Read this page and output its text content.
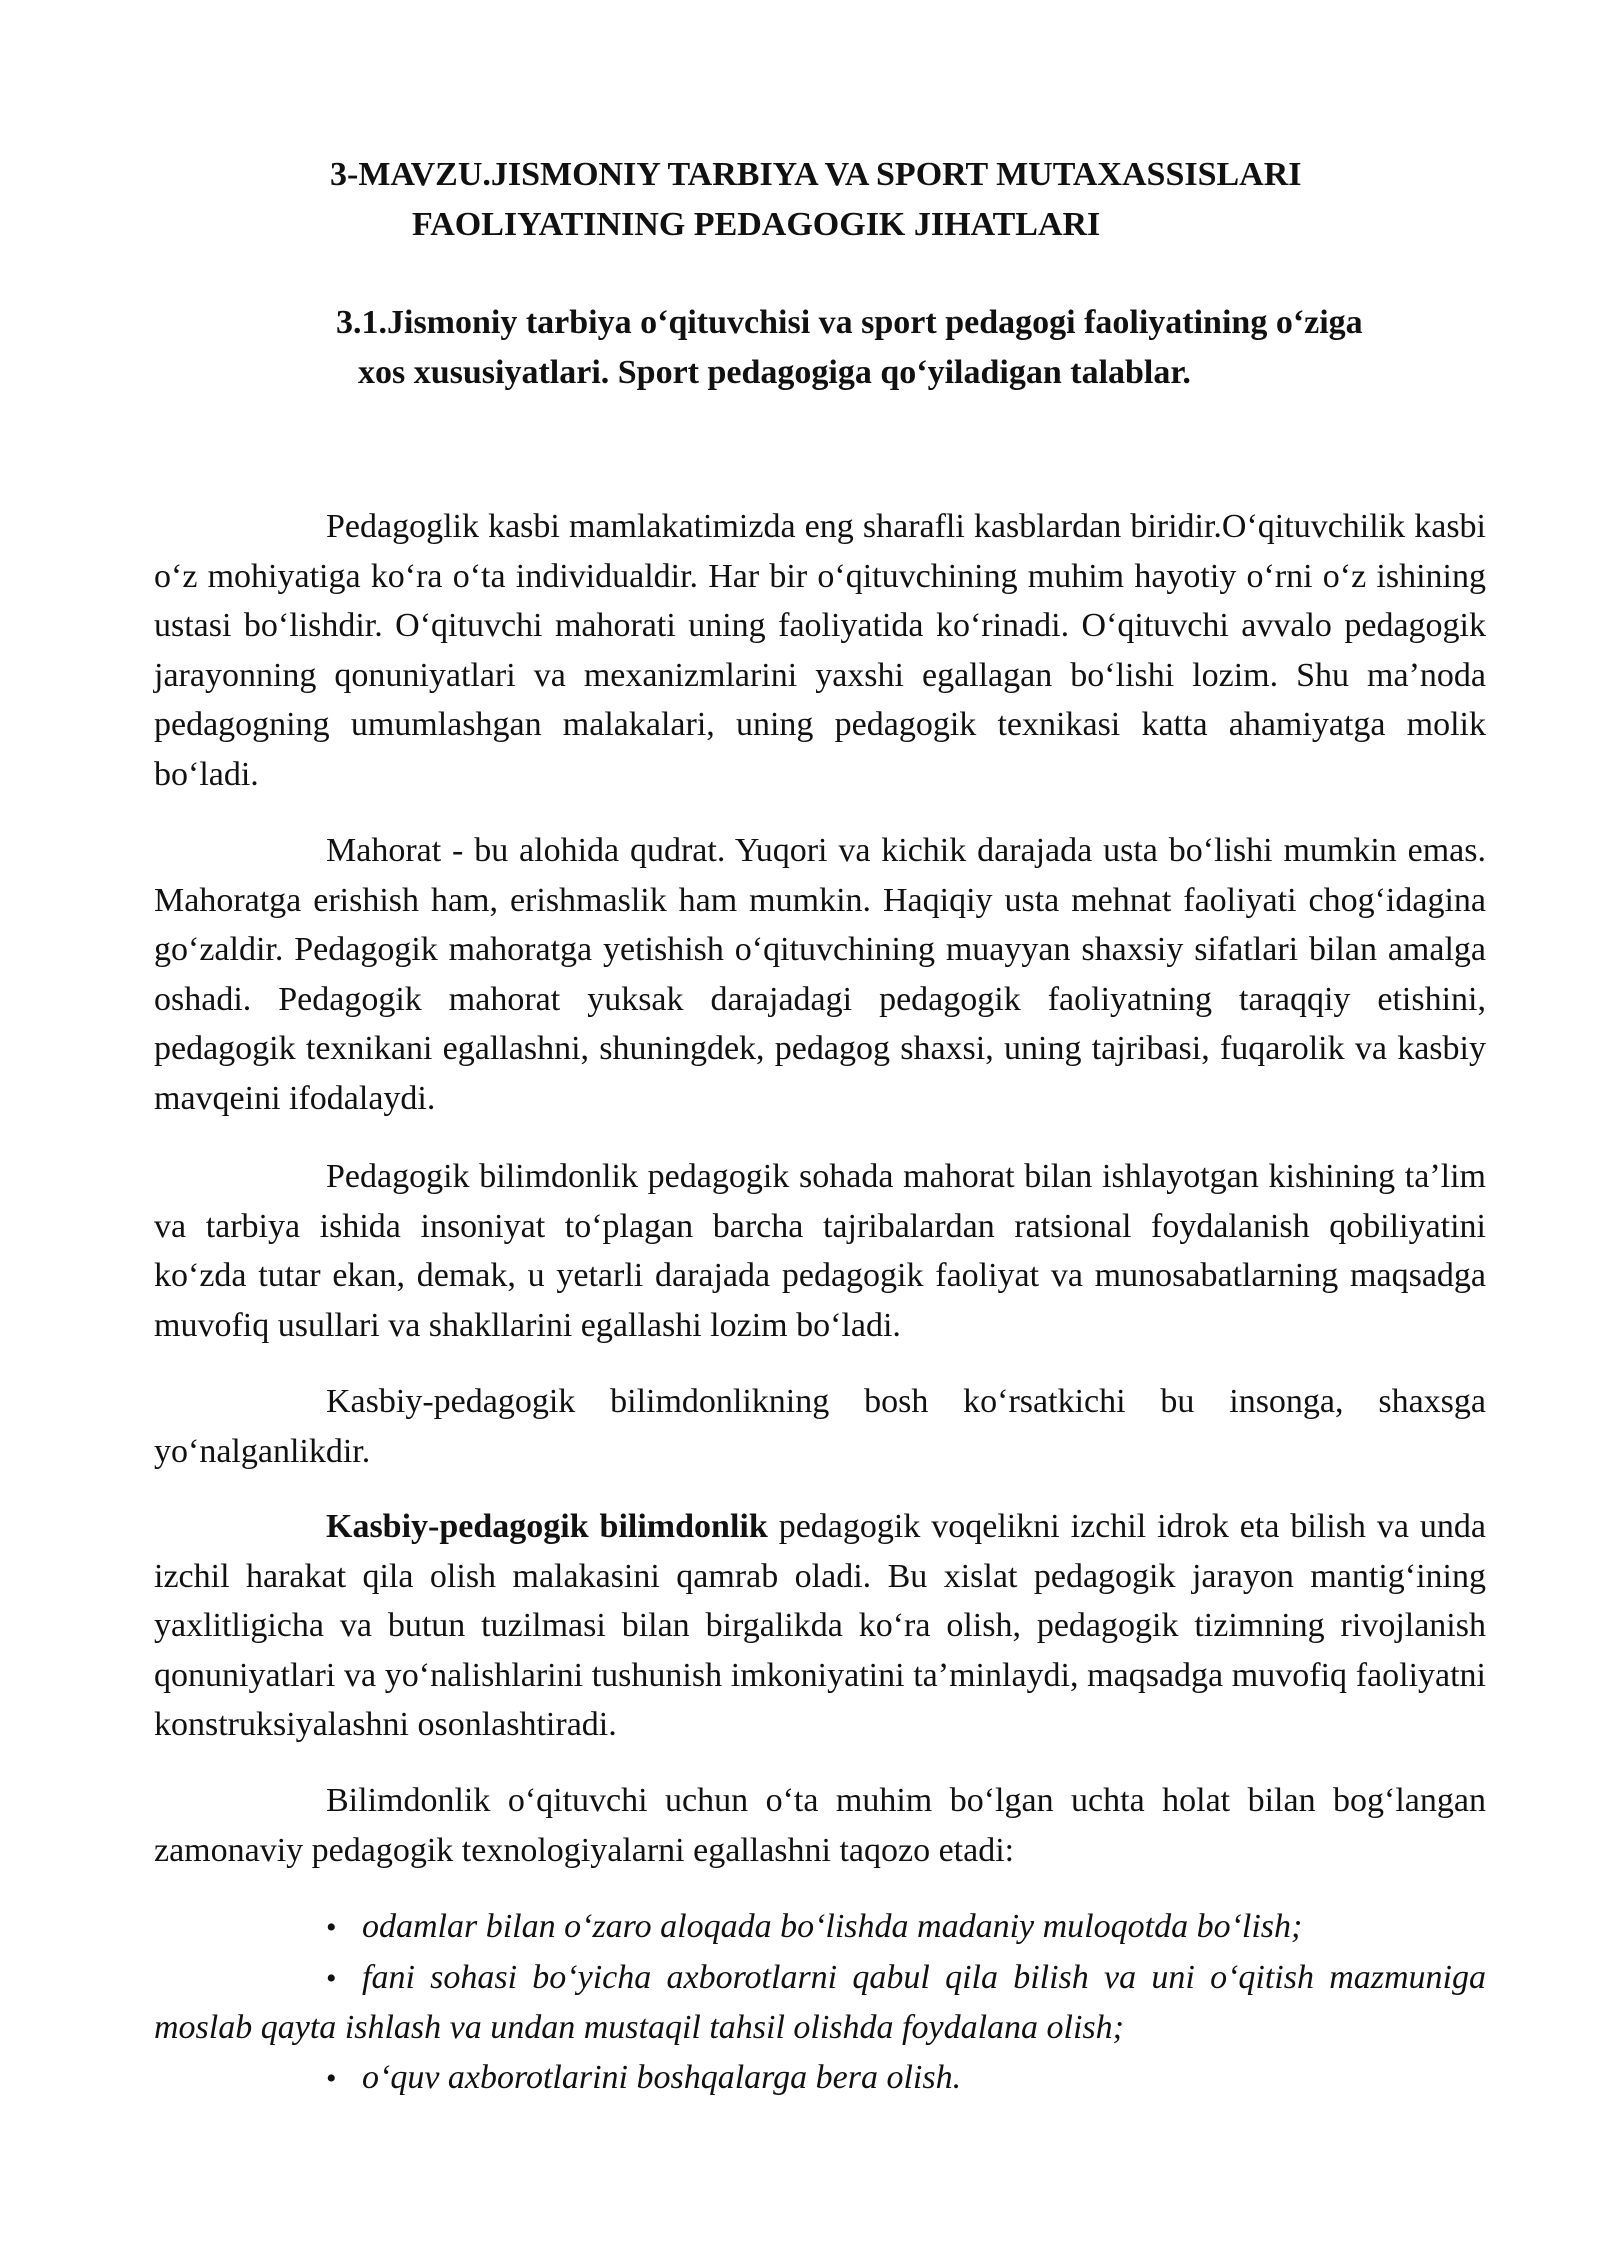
3-MAVZU.JISMONIY TARBIYA VA SPORT MUTAXASSISLARI
FAOLIYATINING PEDAGOGIK JIHATLARI
3.1.Jismoniy tarbiya oʻqituvchisi va sport pedagogi faoliyatining oʻziga
xos xususiyatlari. Sport pedagogiga qoʻyiladigan talablar.

Pedagoglik kasbi mamlakatimizda eng sharafli kasblardan biridir.Oʻqituvchilik kasbi oʻz mohiyatiga koʻra oʻta individualdir. Har bir oʻqituvchining muhim hayotiy oʻrni oʻz ishining ustasi boʻlishdir. Oʻqituvchi mahorati uning faoliyatida koʻrinadi. Oʻqituvchi avvalo pedagogik jarayonning qonuniyatlari va mexanizmlarini yaxshi egallagan boʻlishi lozim. Shu maʼnoda pedagogning umumlashgan malakalari, uning pedagogik texnikasi katta ahamiyatga molik boʻladi.

Mahorat - bu alohida qudrat. Yuqori va kichik darajada usta boʻlishi mumkin emas. Mahoratga erishish ham, erishmaslik ham mumkin. Haqiqiy usta mehnat faoliyati chogʻidagina goʻzaldir. Pedagogik mahoratga yetishish oʻqituvchining muayyan shaxsiy sifatlari bilan amalga oshadi. Pedagogik mahorat yuksak darajadagi pedagogik faoliyatning taraqqiy etishini, pedagogik texnikani egallashni, shuningdek, pedagog shaxsi, uning tajribasi, fuqarolik va kasbiy mavqeini ifodalaydi.

Pedagogik bilimdonlik pedagogik sohada mahorat bilan ishlayotgan kishining taʼlim va tarbiya ishida insoniyat toʻplagan barcha tajribalardan ratsional foydalanish qobiliyatini koʻzda tutar ekan, demak, u yetarli darajada pedagogik faoliyat va munosabatlarning maqsadga muvofiq usullari va shakllarini egallashi lozim boʻladi.

Kasbiy-pedagogik bilimdonlikning bosh koʻrsatkichi bu insonga, shaxsga yoʻnalganlikdir.

Kasbiy-pedagogik bilimdonlik pedagogik voqelikni izchil idrok eta bilish va unda izchil harakat qila olish malakasini qamrab oladi. Bu xislat pedagogik jarayon mantigʻining yaxlitligicha va butun tuzilmasi bilan birgalikda koʻra olish, pedagogik tizimning rivojlanish qonuniyatlari va yoʻnalishlarini tushunish imkoniyatini taʼminlaydi, maqsadga muvofiq faoliyatni konstruksiyalashni osonlashtiradi.

Bilimdonlik oʻqituvchi uchun oʻta muhim boʻlgan uchta holat bilan bogʻlangan zamonaviy pedagogik texnologiyalarni egallashni taqozo etadi:

• odamlar bilan oʻzaro aloqada boʻlishda madaniy muloqotda boʻlish;
• fani sohasi boʻyicha axborotlarni qabul qila bilish va uni oʻqitish mazmuniga moslab qayta ishlash va undan mustaqil tahsil olishda foydalana olish;
• oʻquv axborotlarini boshqalarga bera olish.
